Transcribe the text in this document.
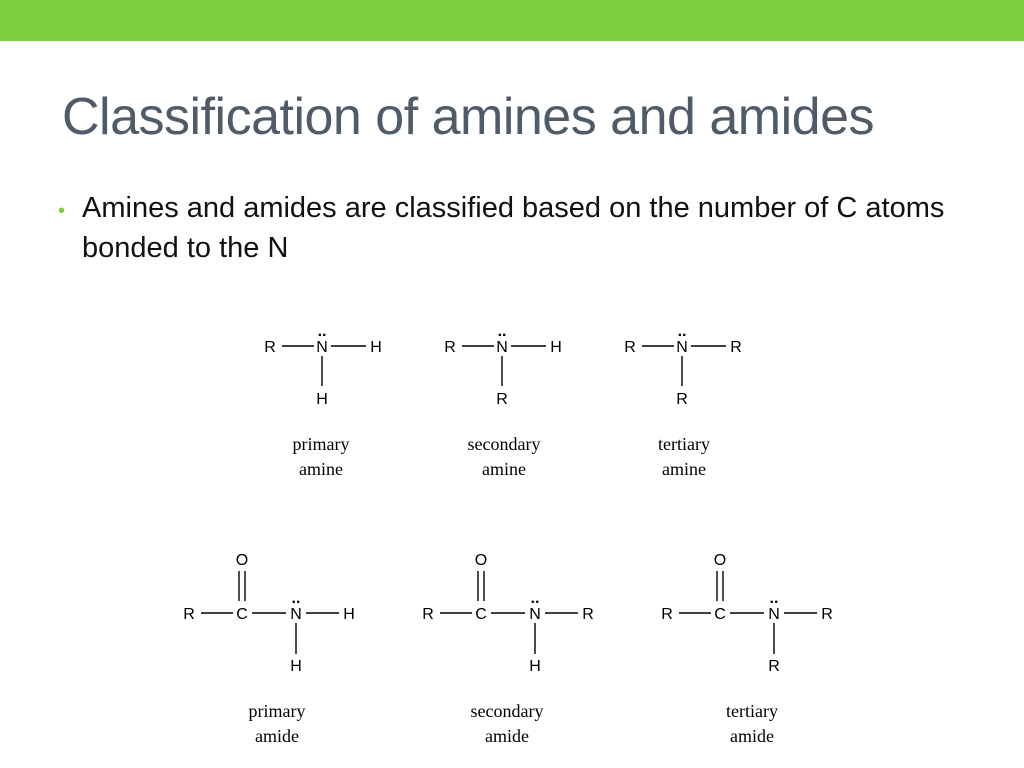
Classification of amines and amides
• Amines and amides are classified based on the number of C atoms bonded to the N

R	N	H
H
..
primary
amine
R	N	H
R
..
secondary
amine
R	N	R
R
..
tertiary
amine
R	C	N	H
O
H
..
primary
amide
R	C	N	R
O
H
..
secondary
amide
R	C	N	R
O
R
..
tertiary
amide
